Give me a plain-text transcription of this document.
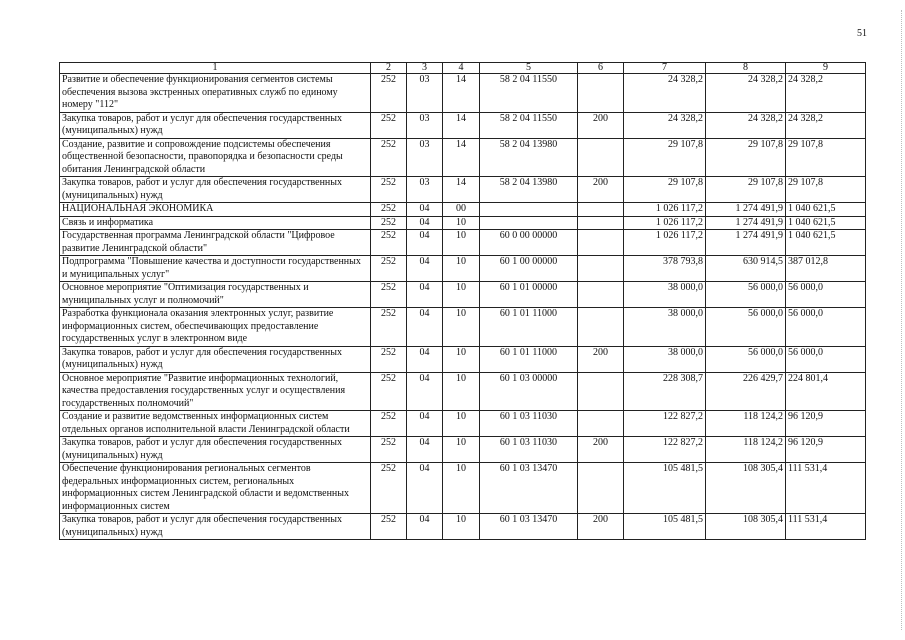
51
1	2	3	4	5	6	7	8	9
Развитие и обеспечение функционирования сегментов системы обеспечения вызова экстренных оперативных служб по единому номеру "112"	252	03	14	58 2 04 11550		24 328,2	24 328,2	24 328,2
Закупка товаров, работ и услуг для обеспечения государственных (муниципальных) нужд	252	03	14	58 2 04 11550	200	24 328,2	24 328,2	24 328,2
Создание, развитие и сопровождение подсистемы обеспечения общественной безопасности, правопорядка и безопасности среды обитания Ленинградской области	252	03	14	58 2 04 13980		29 107,8	29 107,8	29 107,8
Закупка товаров, работ и услуг для обеспечения государственных (муниципальных) нужд	252	03	14	58 2 04 13980	200	29 107,8	29 107,8	29 107,8
НАЦИОНАЛЬНАЯ ЭКОНОМИКА	252	04	00			1 026 117,2	1 274 491,9	1 040 621,5
Связь и информатика	252	04	10			1 026 117,2	1 274 491,9	1 040 621,5
Государственная программа Ленинградской области "Цифровое развитие Ленинградской области"	252	04	10	60 0 00 00000		1 026 117,2	1 274 491,9	1 040 621,5
Подпрограмма "Повышение качества и доступности государственных и муниципальных услуг"	252	04	10	60 1 00 00000		378 793,8	630 914,5	387 012,8
Основное мероприятие "Оптимизация государственных и муниципальных услуг и полномочий"	252	04	10	60 1 01 00000		38 000,0	56 000,0	56 000,0
Разработка функционала оказания электронных услуг, развитие информационных систем, обеспечивающих предоставление государственных услуг в электронном виде	252	04	10	60 1 01 11000		38 000,0	56 000,0	56 000,0
Закупка товаров, работ и услуг для обеспечения государственных (муниципальных) нужд	252	04	10	60 1 01 11000	200	38 000,0	56 000,0	56 000,0
Основное мероприятие "Развитие информационных технологий, качества предоставления государственных услуг и осуществления государственных полномочий"	252	04	10	60 1 03 00000		228 308,7	226 429,7	224 801,4
Создание и развитие ведомственных информационных систем отдельных органов исполнительной власти Ленинградской области	252	04	10	60 1 03 11030		122 827,2	118 124,2	96 120,9
Закупка товаров, работ и услуг для обеспечения государственных (муниципальных) нужд	252	04	10	60 1 03 11030	200	122 827,2	118 124,2	96 120,9
Обеспечение функционирования региональных сегментов федеральных информационных систем, региональных информационных систем Ленинградской области и ведомственных информационных систем	252	04	10	60 1 03 13470		105 481,5	108 305,4	111 531,4
Закупка товаров, работ и услуг для обеспечения государственных (муниципальных) нужд	252	04	10	60 1 03 13470	200	105 481,5	108 305,4	111 531,4
